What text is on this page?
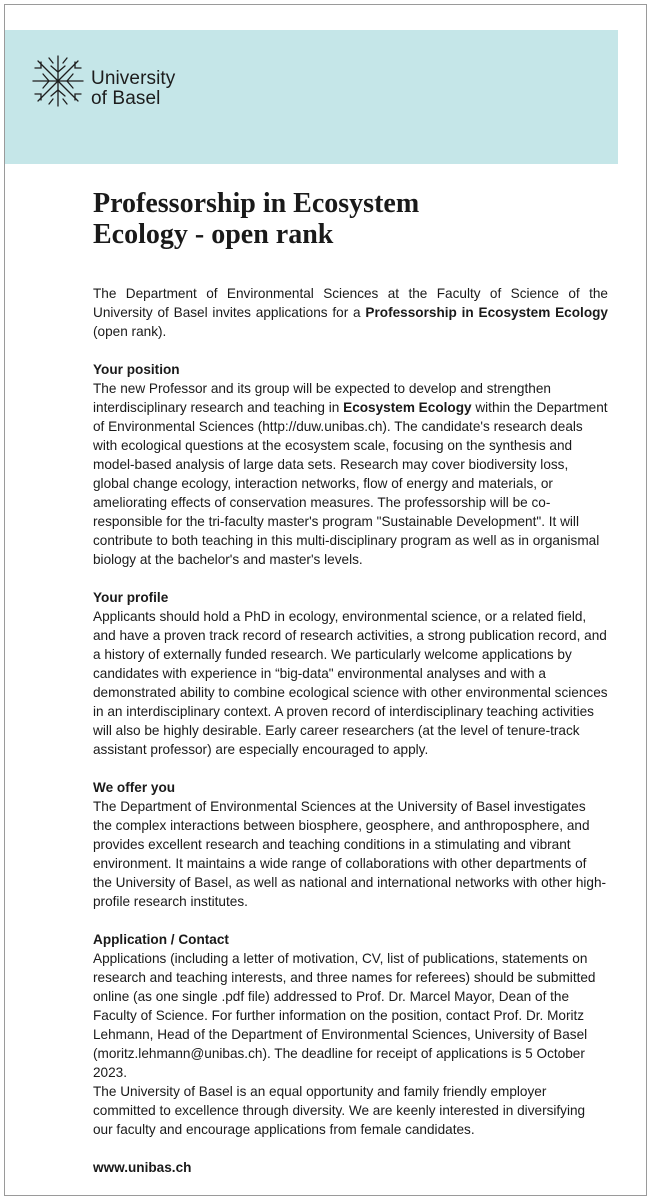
University
of Basel
Professorship in Ecosystem
Ecology - open rank

The Department of Environmental Sciences at the Faculty of Science of the University of Basel invites applications for a Professorship in Ecosystem Ecology (open rank).

Your position

The new Professor and its group will be expected to develop and strengthen interdisciplinary research and teaching in Ecosystem Ecology within the Department of Environmental Sciences (http://duw.unibas.ch). The candidate's research deals with ecological questions at the ecosystem scale, focusing on the synthesis and model-based analysis of large data sets. Research may cover biodiversity loss, global change ecology, interaction networks, flow of energy and materials, or ameliorating effects of conservation measures. The professorship will be co-responsible for the tri-faculty master's program "Sustainable Development". It will contribute to both teaching in this multi-disciplinary program as well as in organismal biology at the bachelor's and master's levels.

Your profile

Applicants should hold a PhD in ecology, environmental science, or a related field, and have a proven track record of research activities, a strong publication record, and a history of externally funded research. We particularly welcome applications by candidates with experience in “big-data" environmental analyses and with a demonstrated ability to combine ecological science with other environmental sciences in an interdisciplinary context. A proven record of interdisciplinary teaching activities will also be highly desirable. Early career researchers (at the level of tenure-track assistant professor) are especially encouraged to apply.

We offer you

The Department of Environmental Sciences at the University of Basel investigates the complex interactions between biosphere, geosphere, and anthroposphere, and provides excellent research and teaching conditions in a stimulating and vibrant environment. It maintains a wide range of collaborations with other departments of the University of Basel, as well as national and international networks with other high-profile research institutes.

Application / Contact

Applications (including a letter of motivation, CV, list of publications, statements on research and teaching interests, and three names for referees) should be submitted online (as one single .pdf file) addressed to Prof. Dr. Marcel Mayor, Dean of the Faculty of Science. For further information on the position, contact Prof. Dr. Moritz Lehmann, Head of the Department of Environmental Sciences, University of Basel (moritz.lehmann@unibas.ch). The deadline for receipt of applications is 5 October 2023.

The University of Basel is an equal opportunity and family friendly employer committed to excellence through diversity. We are keenly interested in diversifying our faculty and encourage applications from female candidates.

www.unibas.ch
